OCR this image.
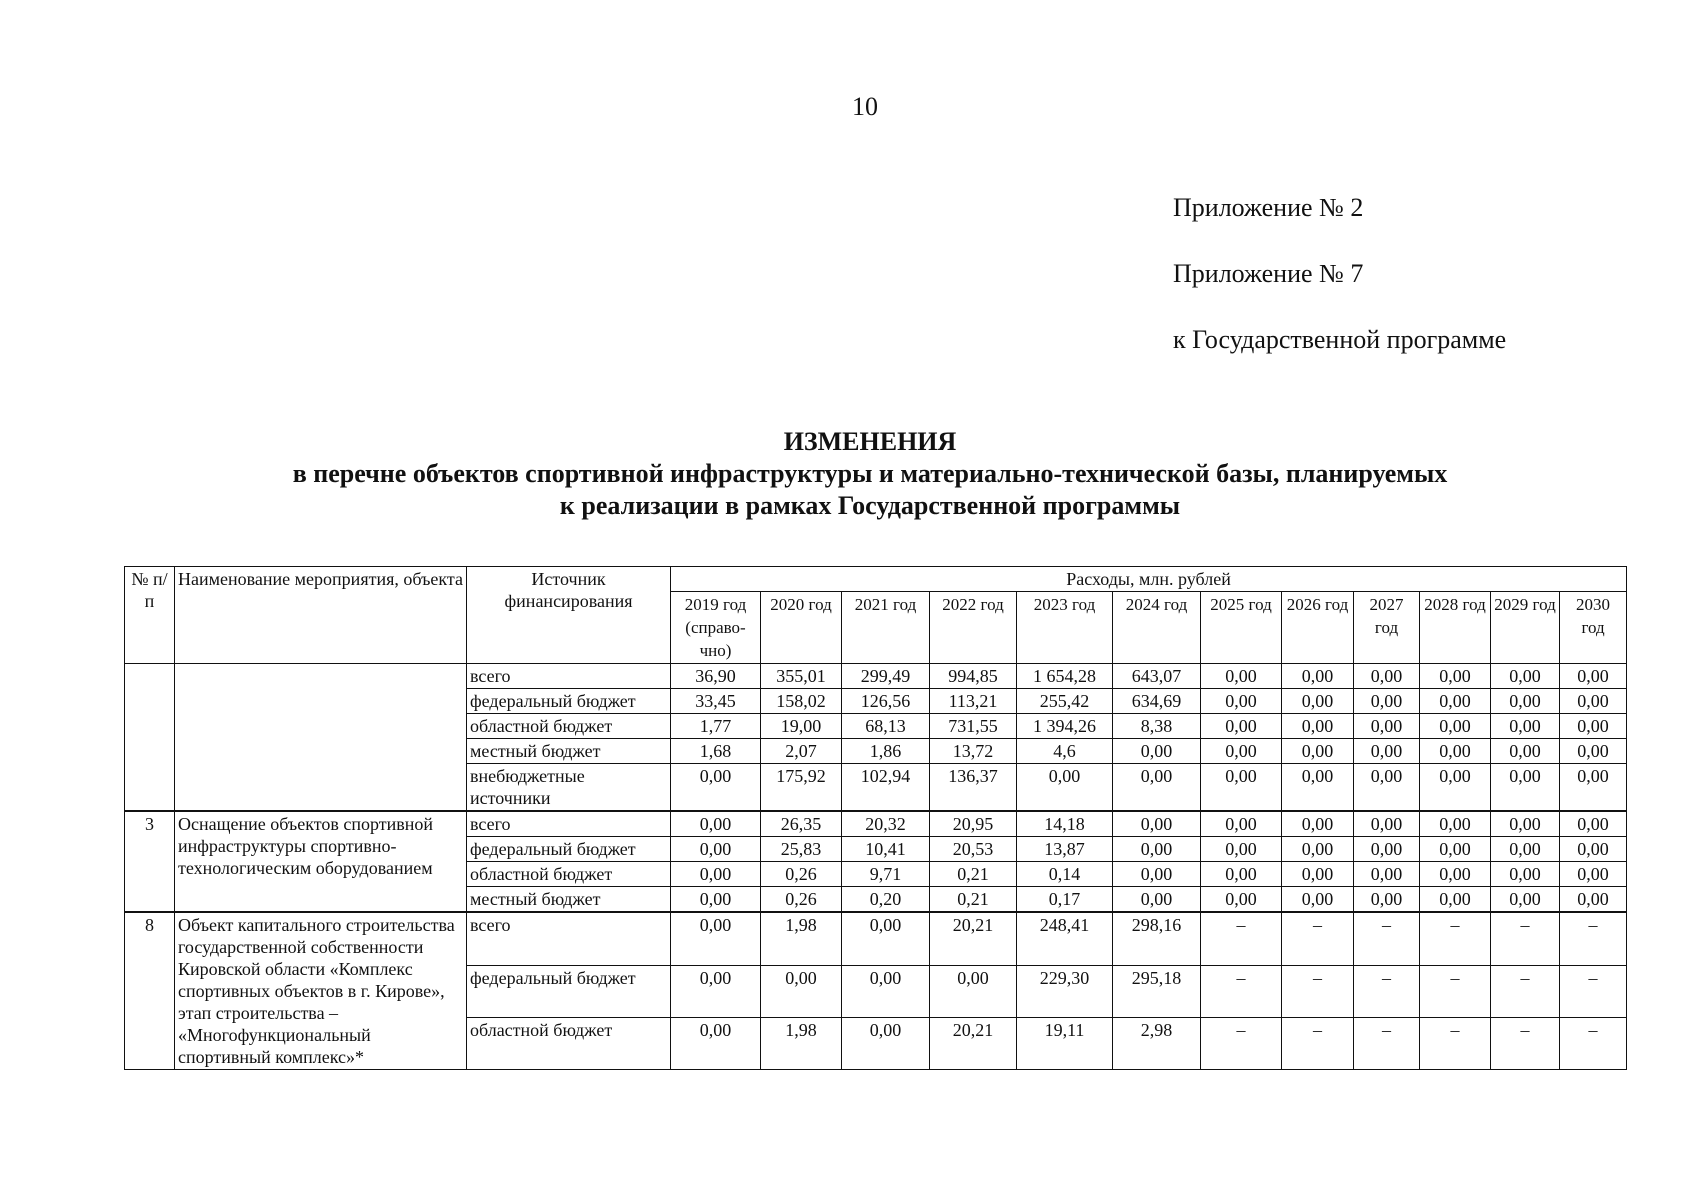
10
Приложение № 2
Приложение № 7
к Государственной программе
ИЗМЕНЕНИЯ
в перечне объектов спортивной инфраструктуры и материально-технической базы, планируемых
к реализации в рамках Государственной программы
№ п/п	Наименование мероприятия, объекта	Источник финансирования	Расходы, млн. рублей											
			2019 год (справо-чно)	2020 год	2021 год	2022 год	2023 год	2024 год	2025 год	2026 год	2027 год	2028 год	2029 год	2030 год
		всего	36,90	355,01	299,49	994,85	1 654,28	643,07	0,00	0,00	0,00	0,00	0,00	0,00
		федеральный бюджет	33,45	158,02	126,56	113,21	255,42	634,69	0,00	0,00	0,00	0,00	0,00	0,00
		областной бюджет	1,77	19,00	68,13	731,55	1 394,26	8,38	0,00	0,00	0,00	0,00	0,00	0,00
		местный бюджет	1,68	2,07	1,86	13,72	4,6	0,00	0,00	0,00	0,00	0,00	0,00	0,00
		внебюджетные источники	0,00	175,92	102,94	136,37	0,00	0,00	0,00	0,00	0,00	0,00	0,00	0,00
3	Оснащение объектов спортивной инфраструктуры спортивно-технологическим оборудованием	всего	0,00	26,35	20,32	20,95	14,18	0,00	0,00	0,00	0,00	0,00	0,00	0,00
		федеральный бюджет	0,00	25,83	10,41	20,53	13,87	0,00	0,00	0,00	0,00	0,00	0,00	0,00
		областной бюджет	0,00	0,26	9,71	0,21	0,14	0,00	0,00	0,00	0,00	0,00	0,00	0,00
		местный бюджет	0,00	0,26	0,20	0,21	0,17	0,00	0,00	0,00	0,00	0,00	0,00	0,00
8	Объект капитального строительства государственной собственности Кировской области «Комплекс спортивных объектов в г. Кирове», этап строительства – «Многофункциональный спортивный комплекс»*	всего	0,00	1,98	0,00	20,21	248,41	298,16	–	–	–	–	–	–
		федеральный бюджет	0,00	0,00	0,00	0,00	229,30	295,18	–	–	–	–	–	–
		областной бюджет	0,00	1,98	0,00	20,21	19,11	2,98	–	–	–	–	–	–
